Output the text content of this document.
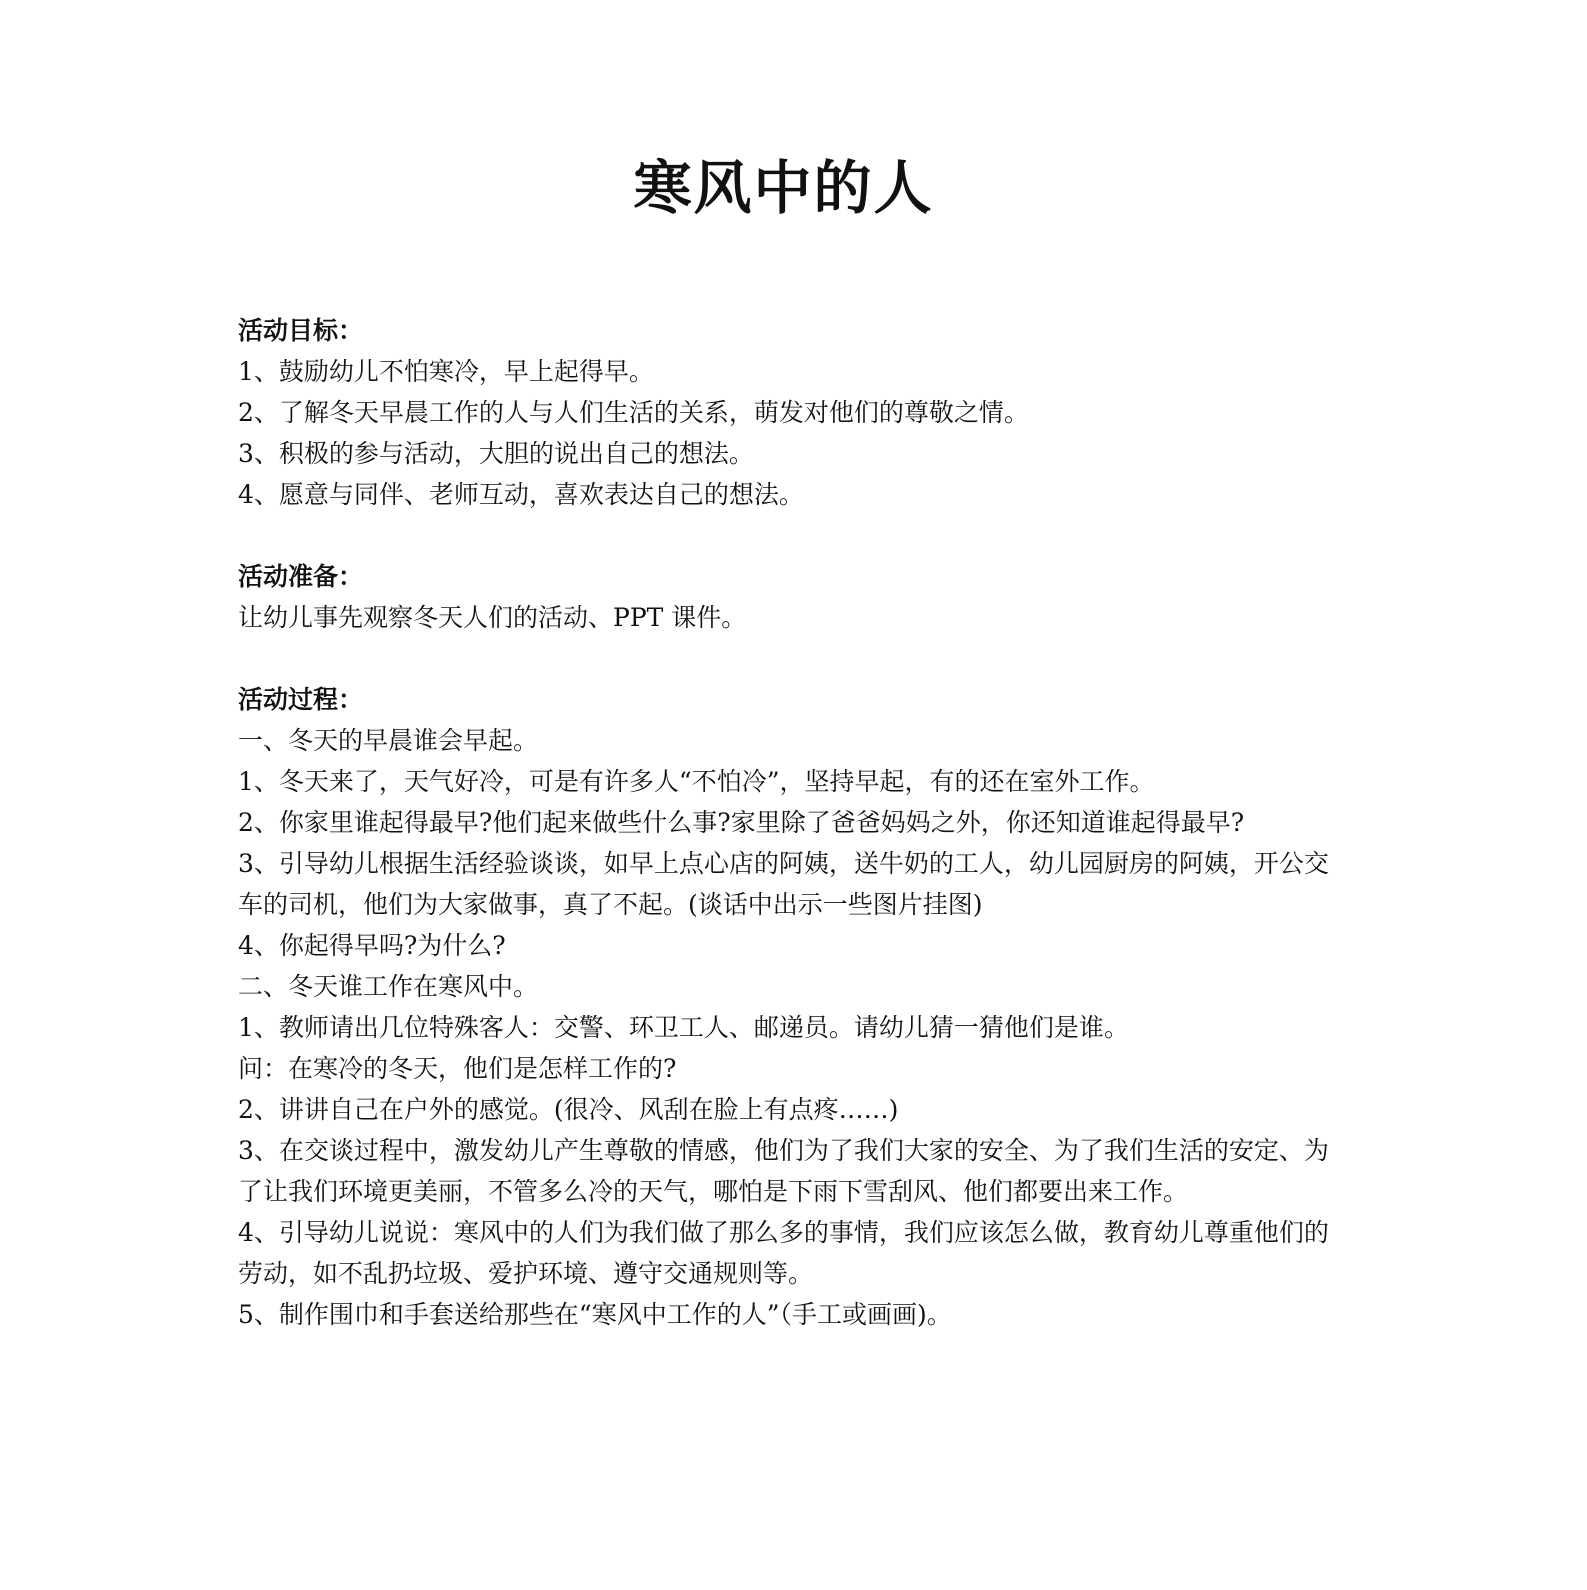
寒风中的人

活动目标：

1、鼓励幼儿不怕寒冷，早上起得早。

2、了解冬天早晨工作的人与人们生活的关系，萌发对他们的尊敬之情。

3、积极的参与活动，大胆的说出自己的想法。

4、愿意与同伴、老师互动，喜欢表达自己的想法。

活动准备：

让幼儿事先观察冬天人们的活动、PPT 课件。

活动过程：

一、冬天的早晨谁会早起。

1、冬天来了，天气好冷，可是有许多人“不怕冷”，坚持早起，有的还在室外工作。

2、你家里谁起得最早?他们起来做些什么事?家里除了爸爸妈妈之外，你还知道谁起得最早?

3、引导幼儿根据生活经验谈谈，如早上点心店的阿姨，送牛奶的工人，幼儿园厨房的阿姨，开公交车的司机，他们为大家做事，真了不起。(谈话中出示一些图片挂图)

4、你起得早吗?为什么?

二、冬天谁工作在寒风中。

1、教师请出几位特殊客人：交警、环卫工人、邮递员。请幼儿猜一猜他们是谁。

问：在寒冷的冬天，他们是怎样工作的?

2、讲讲自己在户外的感觉。(很冷、风刮在脸上有点疼……)

3、在交谈过程中，激发幼儿产生尊敬的情感，他们为了我们大家的安全、为了我们生活的安定、为了让我们环境更美丽，不管多么冷的天气，哪怕是下雨下雪刮风、他们都要出来工作。

4、引导幼儿说说：寒风中的人们为我们做了那么多的事情，我们应该怎么做，教育幼儿尊重他们的劳动，如不乱扔垃圾、爱护环境、遵守交通规则等。

5、制作围巾和手套送给那些在“寒风中工作的人”（手工或画画)。
